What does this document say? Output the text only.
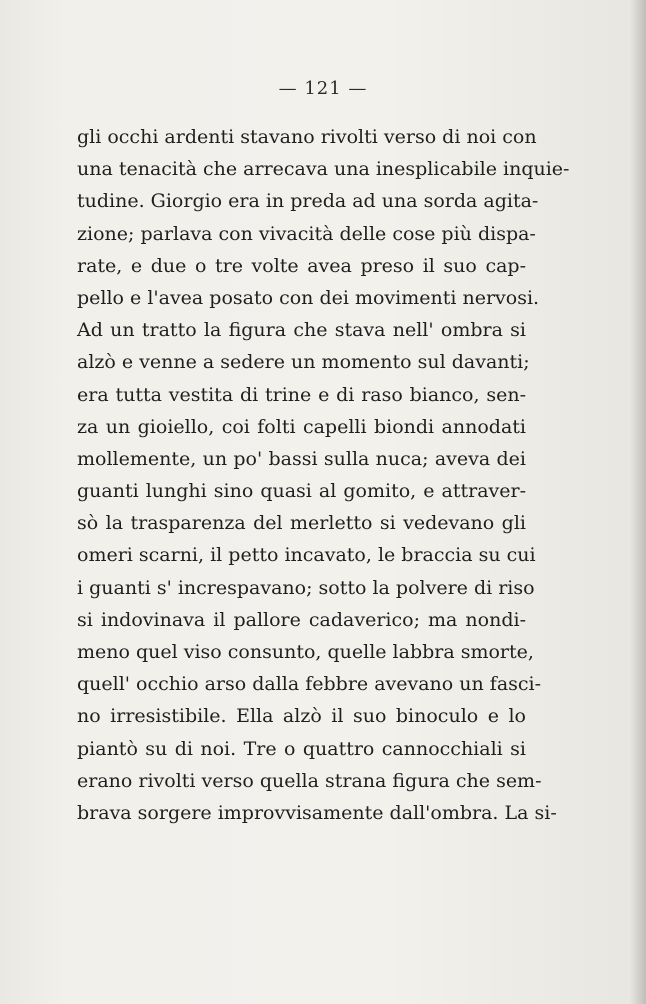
— 121 —
gli occhi ardenti stavano rivolti verso di noi con
una tenacità che arrecava una inesplicabile inquie-
tudine. Giorgio era in preda ad una sorda agita-
zione; parlava con vivacità delle cose più dispa-
rate, e due o tre volte avea preso il suo cap-
pello e l'avea posato con dei movimenti nervosi.
Ad un tratto la figura che stava nell' ombra si
alzò e venne a sedere un momento sul davanti;
era tutta vestita di trine e di raso bianco, sen-
za un gioiello, coi folti capelli biondi annodati
mollemente, un po' bassi sulla nuca; aveva dei
guanti lunghi sino quasi al gomito, e attraver-
sò la trasparenza del merletto si vedevano gli
omeri scarni, il petto incavato, le braccia su cui
i guanti s' increspavano; sotto la polvere di riso
si indovinava il pallore cadaverico; ma nondi-
meno quel viso consunto, quelle labbra smorte,
quell' occhio arso dalla febbre avevano un fasci-
no irresistibile. Ella alzò il suo binoculo e lo
piantò su di noi. Tre o quattro cannocchiali si
erano rivolti verso quella strana figura che sem-
brava sorgere improvvisamente dall'ombra. La si-
